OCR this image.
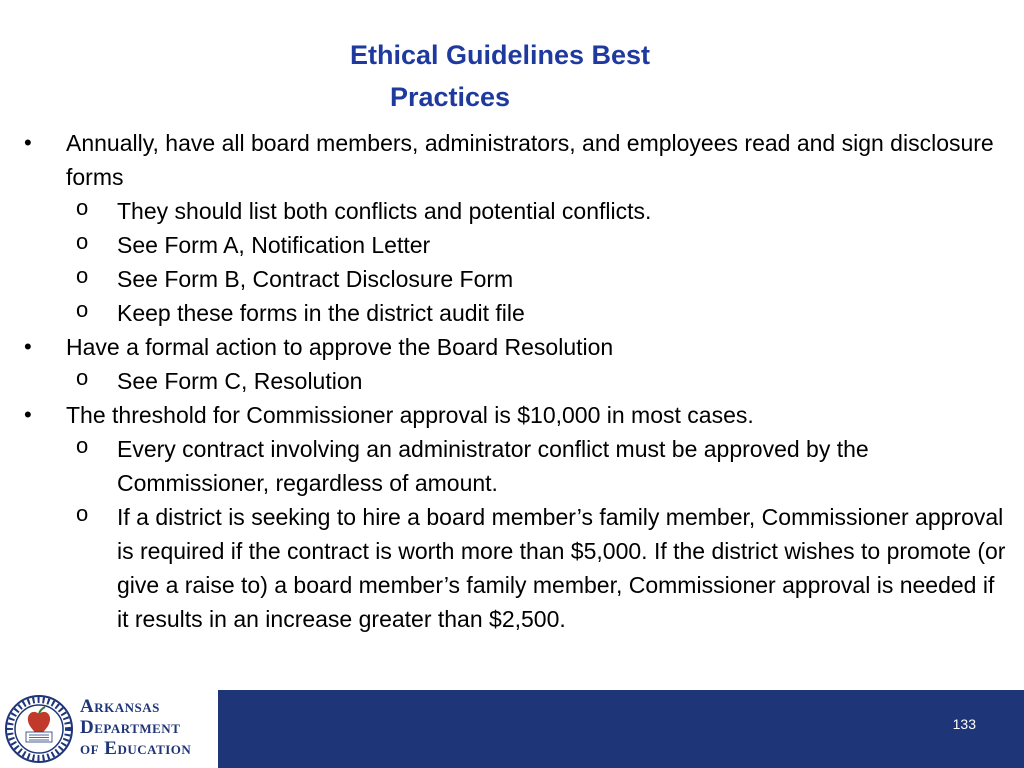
Ethical Guidelines Best

Practices
• Annually, have all board members, administrators, and employees read and sign disclosure forms
o They should list both conflicts and potential conflicts.
o See Form A, Notification Letter
o See Form B, Contract Disclosure Form
o Keep these forms in the district audit file
• Have a formal action to approve the Board Resolution
o See Form C, Resolution
• The threshold for Commissioner approval is $10,000 in most cases.
o Every contract involving an administrator conflict must be approved by the Commissioner, regardless of amount.
o If a district is seeking to hire a board member’s family member, Commissioner approval is required if the contract is worth more than $5,000. If the district wishes to promote (or give a raise to) a board member’s family member, Commissioner approval is needed if it results in an increase greater than $2,500.
Arkansas
Department
of Education
133
